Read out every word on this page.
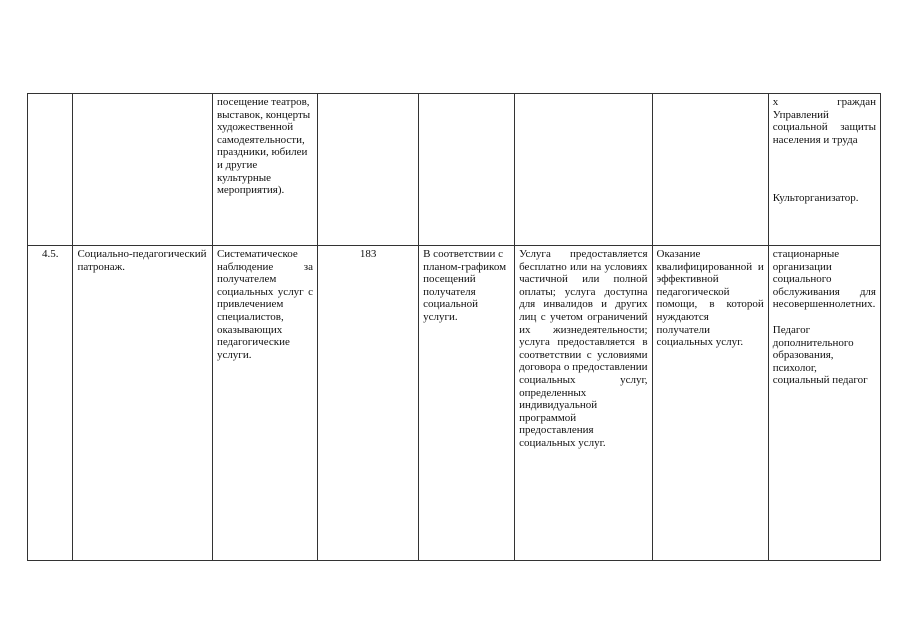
		посещение театров, выставок, концерты художественной самодеятельности, праздники, юбилеи и другие культурные мероприятия).					х граждан Управлений социальной защиты населения и труда
Культорганизатор.

4.5.	Социально-педагогический патронаж.	Систематическое наблюдение за получателем социальных услуг с привлечением специалистов, оказывающих педагогические услуги.	183	В соответствии с планом-графиком посещений получателя социальной услуги.	Услуга предоставляется бесплатно или на условиях частичной или полной оплаты; услуга доступна для инвалидов и других лиц с учетом ограничений их жизнедеятельности; услуга предоставляется в соответствии с условиями договора о предоставлении социальных услуг, определенных индивидуальной программой предоставления социальных услуг.	Оказание квалифицированной и эффективной педагогической помощи, в которой нуждаются получатели социальных услуг.	стационарные организации социального обслуживания для несовершеннолетних.
Педагог дополнительного образования, психолог, социальный педагог
